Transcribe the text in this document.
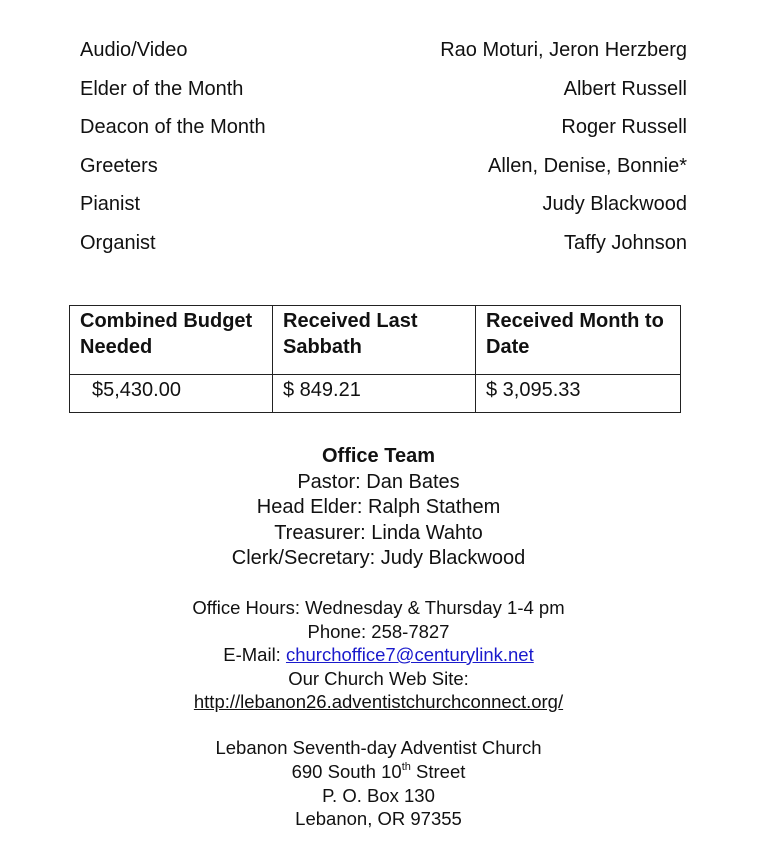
Audio/Video	Rao Moturi, Jeron Herzberg
Elder of the Month	Albert Russell
Deacon of the Month	Roger Russell
Greeters	Allen, Denise, Bonnie*
Pianist	Judy Blackwood
Organist	Taffy Johnson
Combined Budget Needed	Received Last Sabbath	Received Month to Date
$5,430.00	$ 849.21	$ 3,095.33
Office Team
Pastor: Dan Bates
Head Elder: Ralph Stathem
Treasurer: Linda Wahto
Clerk/Secretary: Judy Blackwood
Office Hours: Wednesday & Thursday 1-4 pm
Phone: 258-7827
E-Mail: churchoffice7@centurylink.net
Our Church Web Site:
http://lebanon26.adventistchurchconnect.org/
Lebanon Seventh-day Adventist Church
690 South 10th Street
P. O. Box 130
Lebanon, OR 97355
